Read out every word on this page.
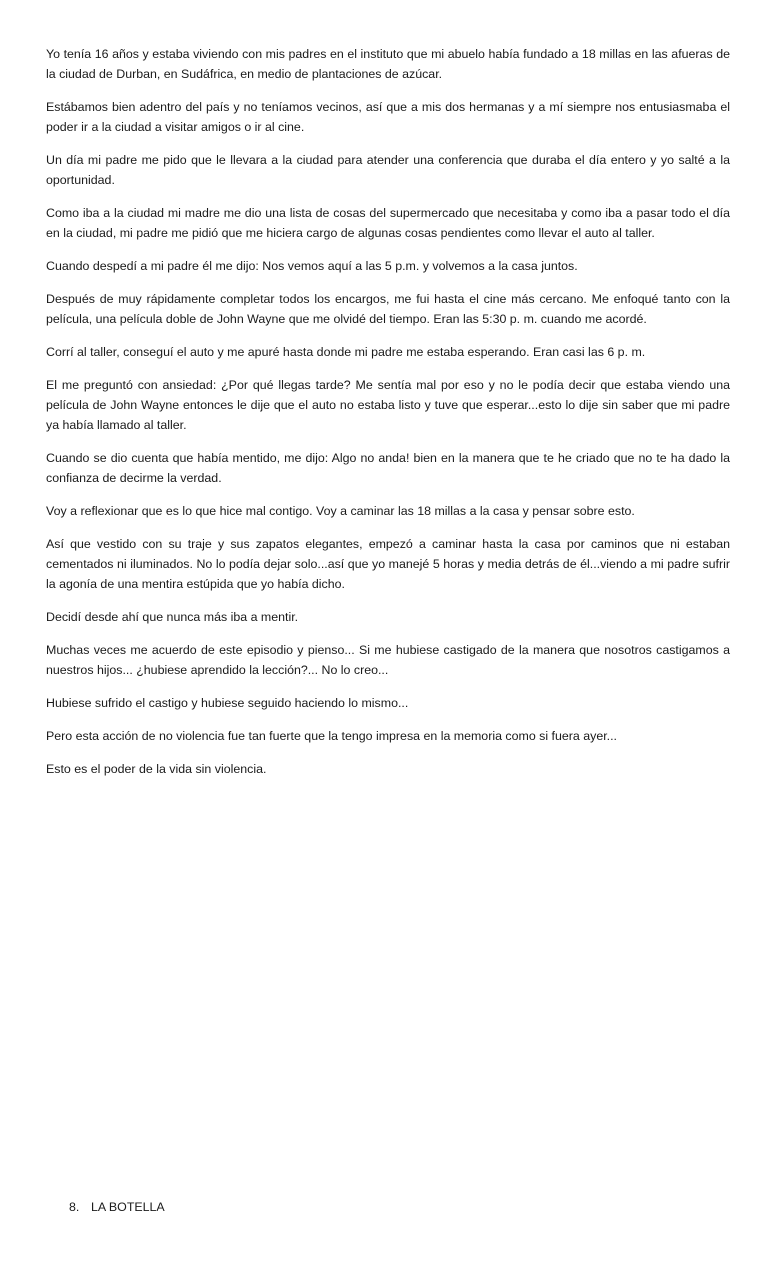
Yo tenía 16 años y estaba viviendo con mis padres en el instituto que mi abuelo había fundado a 18 millas en las afueras de la ciudad de Durban, en Sudáfrica, en medio de plantaciones de azúcar.

Estábamos bien adentro del país y no teníamos vecinos, así que a mis dos hermanas y a mí siempre nos entusiasmaba el poder ir a la ciudad a visitar amigos o ir al cine.

Un día mi padre me pido que le llevara a la ciudad para atender una conferencia que duraba el día entero y yo salté a la oportunidad.

Como iba a la ciudad mi madre me dio una lista de cosas del supermercado que necesitaba y como iba a pasar todo el día en la ciudad, mi padre me pidió que me hiciera cargo de algunas cosas pendientes como llevar el auto al taller.

Cuando despedí a mi padre él me dijo: Nos vemos aquí a las 5 p.m. y volvemos a la casa juntos.

Después de muy rápidamente completar todos los encargos, me fui hasta el cine más cercano. Me enfoqué tanto con la película, una película doble de John Wayne que me olvidé del tiempo. Eran las 5:30 p. m. cuando me acordé.

Corrí al taller, conseguí el auto y me apuré hasta donde mi padre me estaba esperando. Eran casi las 6 p. m.

El me preguntó con ansiedad: ¿Por qué llegas tarde? Me sentía mal por eso y no le podía decir que estaba viendo una película de John Wayne entonces le dije que el auto no estaba listo y tuve que esperar...esto lo dije sin saber que mi padre ya había llamado al taller.

Cuando se dio cuenta que había mentido, me dijo: Algo no anda! bien en la manera que te he criado que no te ha dado la confianza de decirme la verdad.

Voy a reflexionar que es lo que hice mal contigo. Voy a caminar las 18 millas a la casa y pensar sobre esto.

Así que vestido con su traje y sus zapatos elegantes, empezó a caminar hasta la casa por caminos que ni estaban cementados ni iluminados. No lo podía dejar solo...así que yo manejé 5 horas y media detrás de él...viendo a mi padre sufrir la agonía de una mentira estúpida que yo había dicho.

Decidí desde ahí que nunca más iba a mentir.

Muchas veces me acuerdo de este episodio y pienso... Si me hubiese castigado de la manera que nosotros castigamos a nuestros hijos... ¿hubiese aprendido la lección?... No lo creo...

Hubiese sufrido el castigo y hubiese seguido haciendo lo mismo...

Pero esta acción de no violencia fue tan fuerte que la tengo impresa en la memoria como si fuera ayer...

Esto es el poder de la vida sin violencia.

8. LA BOTELLA
